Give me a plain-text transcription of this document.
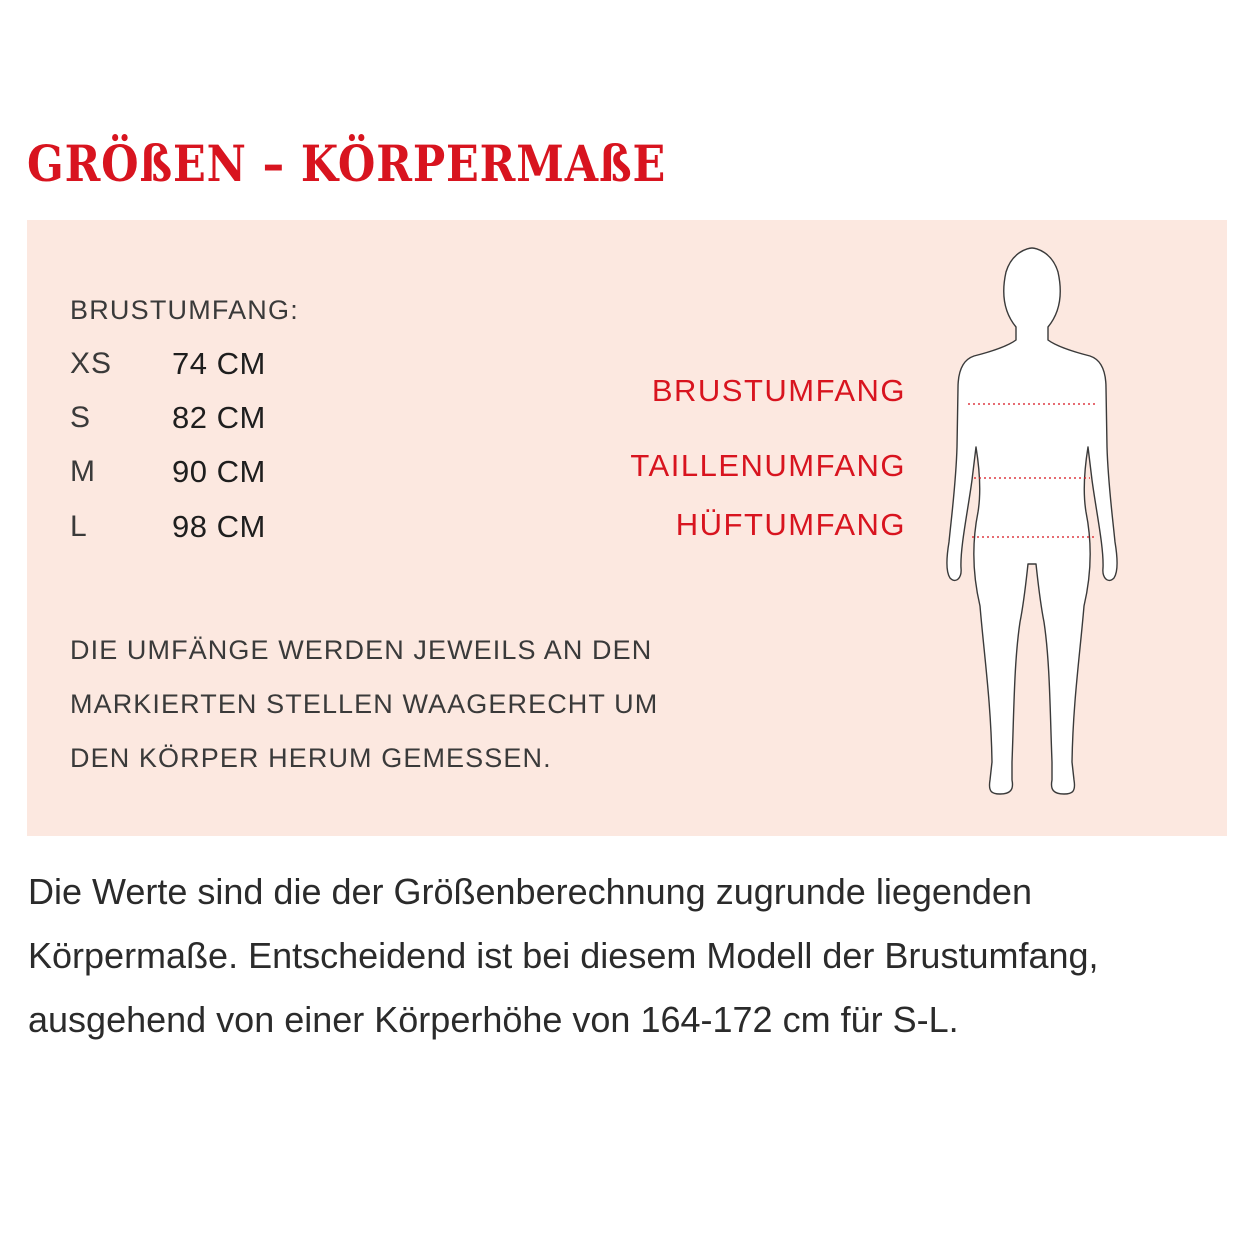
GRÖßEN – KÖRPERMAßE
BRUSTUMFANG:
XS 74 CM
S	82 CM
M 90 CM
L	98 CM
DIE UMFÄNGE WERDEN JEWEILS AN DEN
MARKIERTEN STELLEN WAAGERECHT UM
DEN KÖRPER HERUM GEMESSEN.
BRUSTUMFANG
TAILLENUMFANG
HÜFTUMFANG

Die Werte sind die der Größenberechnung zugrunde liegenden
Körpermaße. Entscheidend ist bei diesem Modell der Brustumfang,
ausgehend von einer Körperhöhe von 164-172 cm für S-L.
